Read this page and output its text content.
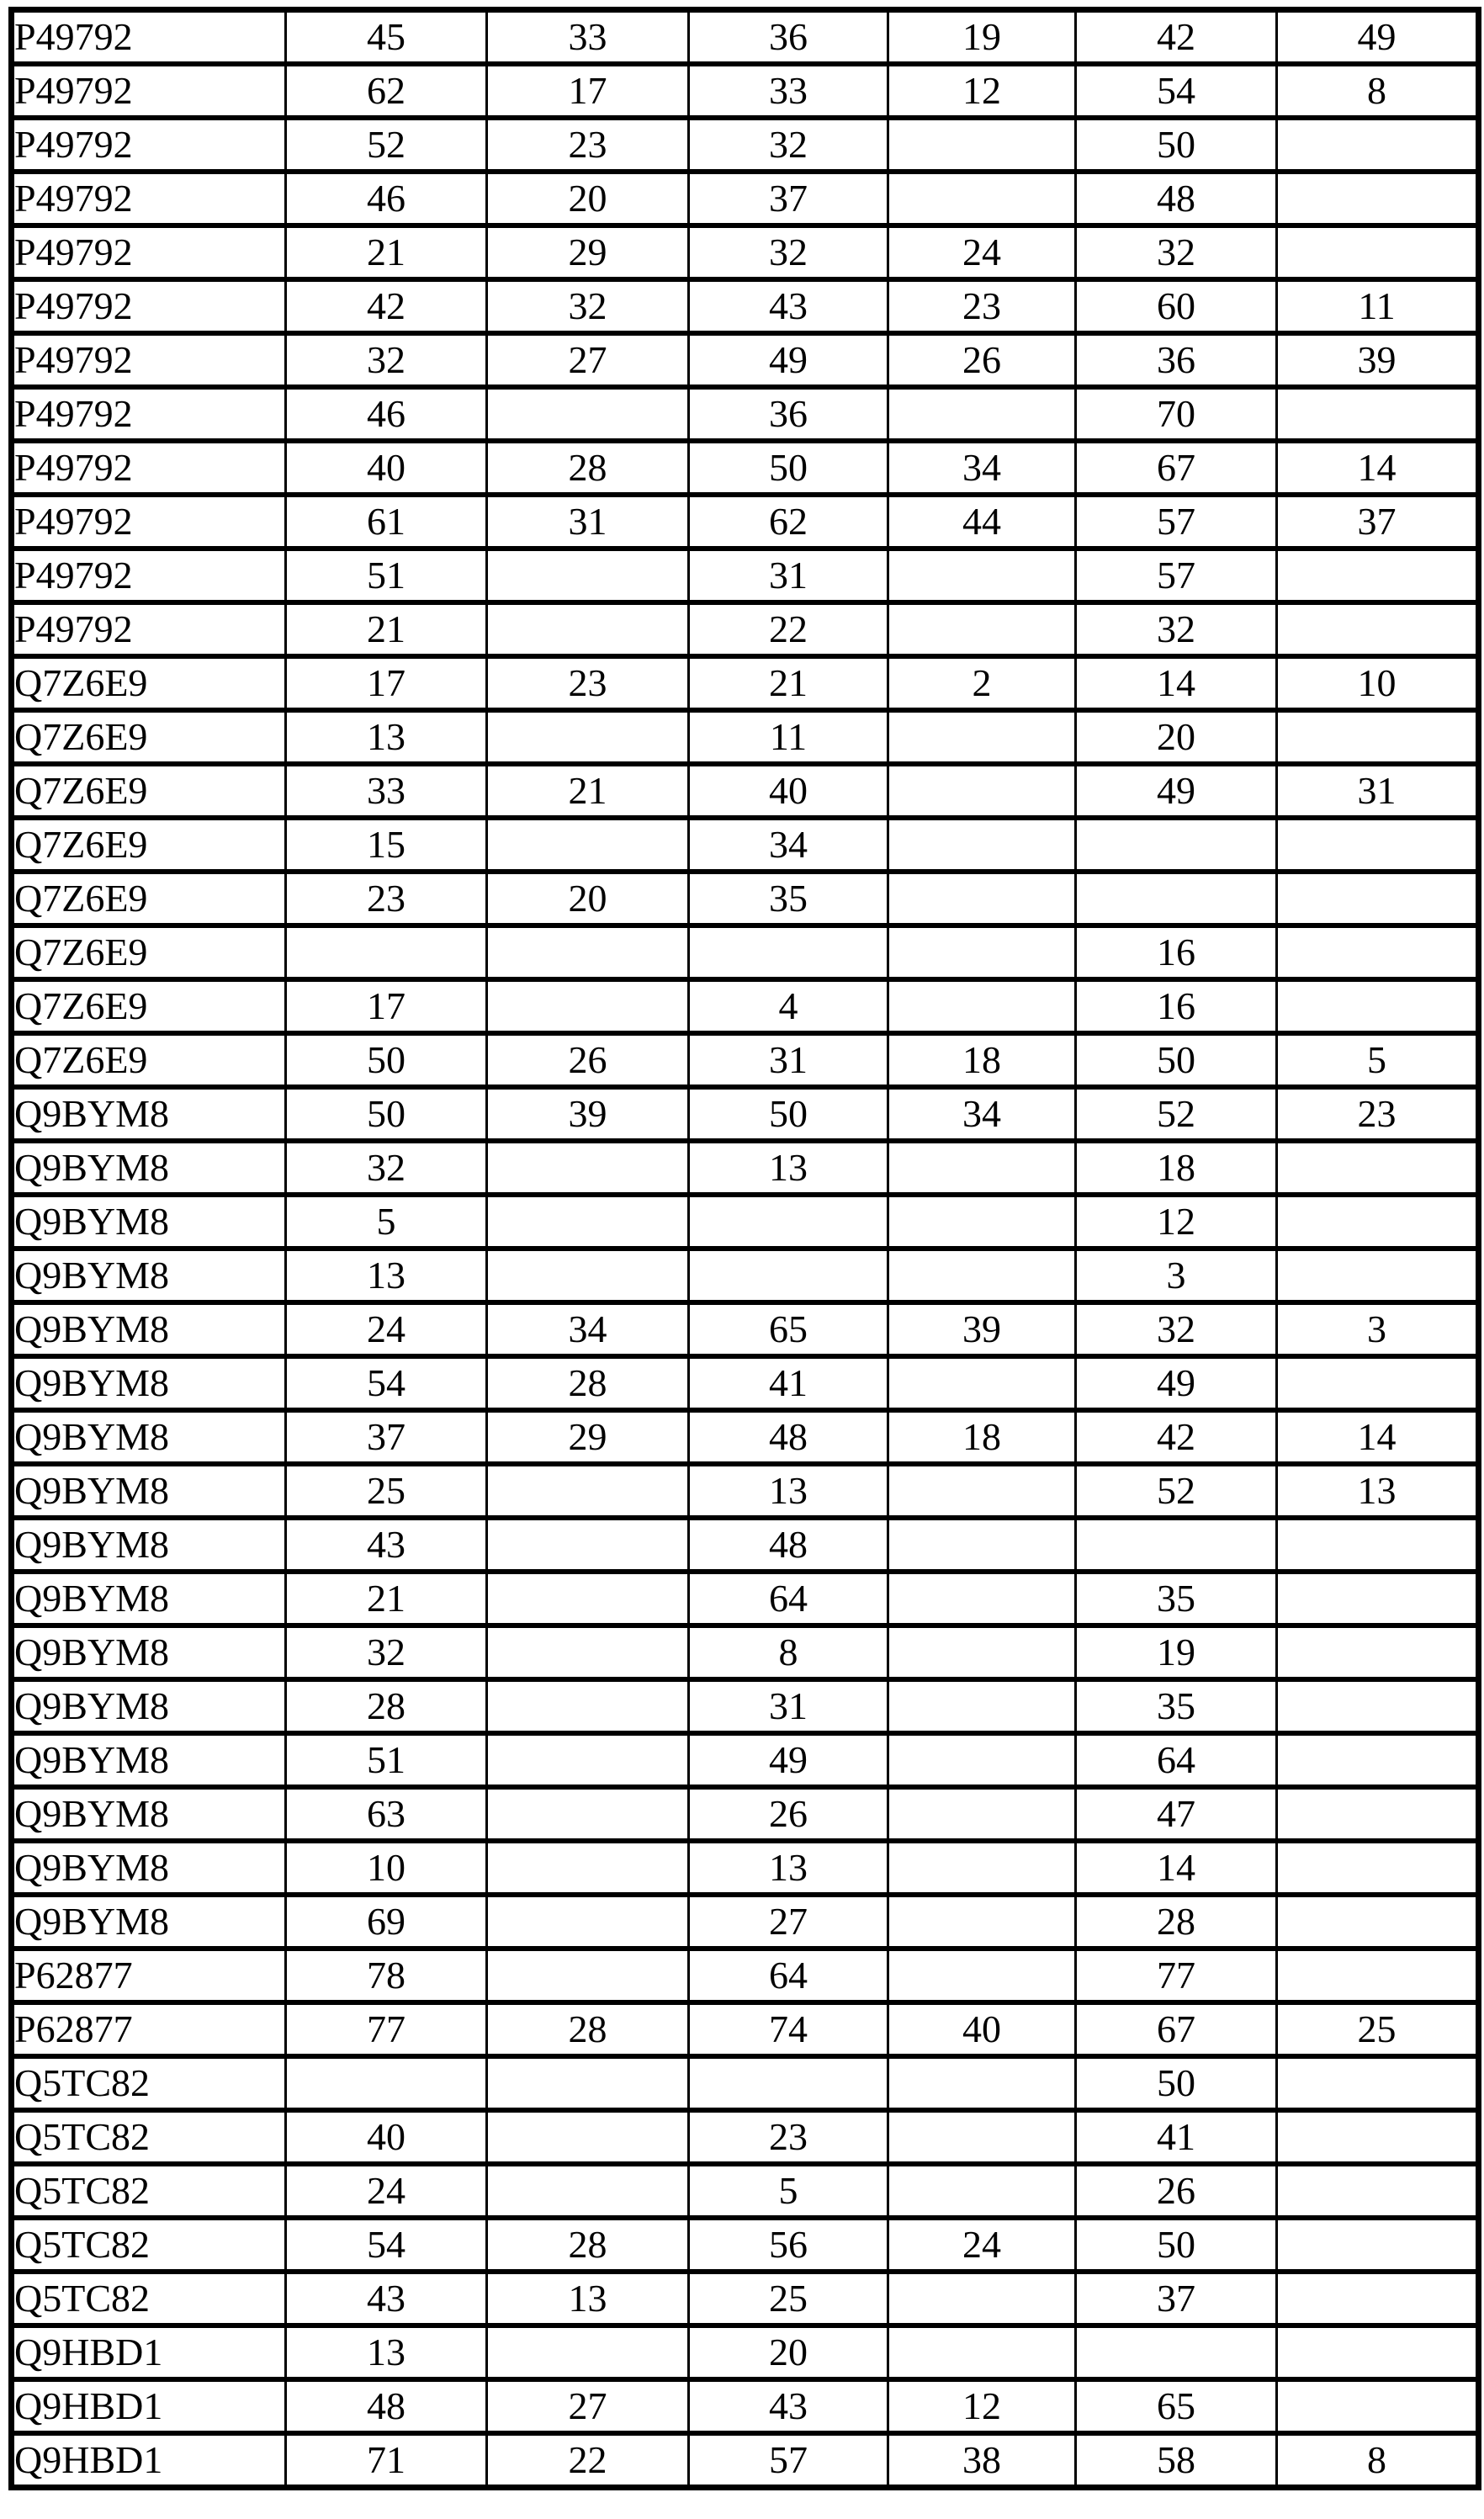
P49792	45	33	36	19	42	49
P49792	62	17	33	12	54	8
P49792	52	23	32		50	
P49792	46	20	37		48	
P49792	21	29	32	24	32	
P49792	42	32	43	23	60	11
P49792	32	27	49	26	36	39
P49792	46		36		70	
P49792	40	28	50	34	67	14
P49792	61	31	62	44	57	37
P49792	51		31		57	
P49792	21		22		32	
Q7Z6E9	17	23	21	2	14	10
Q7Z6E9	13		11		20	
Q7Z6E9	33	21	40		49	31
Q7Z6E9	15		34			
Q7Z6E9	23	20	35			
Q7Z6E9					16	
Q7Z6E9	17		4		16	
Q7Z6E9	50	26	31	18	50	5
Q9BYM8	50	39	50	34	52	23
Q9BYM8	32		13		18	
Q9BYM8	5				12	
Q9BYM8	13				3	
Q9BYM8	24	34	65	39	32	3
Q9BYM8	54	28	41		49	
Q9BYM8	37	29	48	18	42	14
Q9BYM8	25		13		52	13
Q9BYM8	43		48			
Q9BYM8	21		64		35	
Q9BYM8	32		8		19	
Q9BYM8	28		31		35	
Q9BYM8	51		49		64	
Q9BYM8	63		26		47	
Q9BYM8	10		13		14	
Q9BYM8	69		27		28	
P62877	78		64		77	
P62877	77	28	74	40	67	25
Q5TC82					50	
Q5TC82	40		23		41	
Q5TC82	24		5		26	
Q5TC82	54	28	56	24	50	
Q5TC82	43	13	25		37	
Q9HBD1	13		20			
Q9HBD1	48	27	43	12	65	
Q9HBD1	71	22	57	38	58	8
